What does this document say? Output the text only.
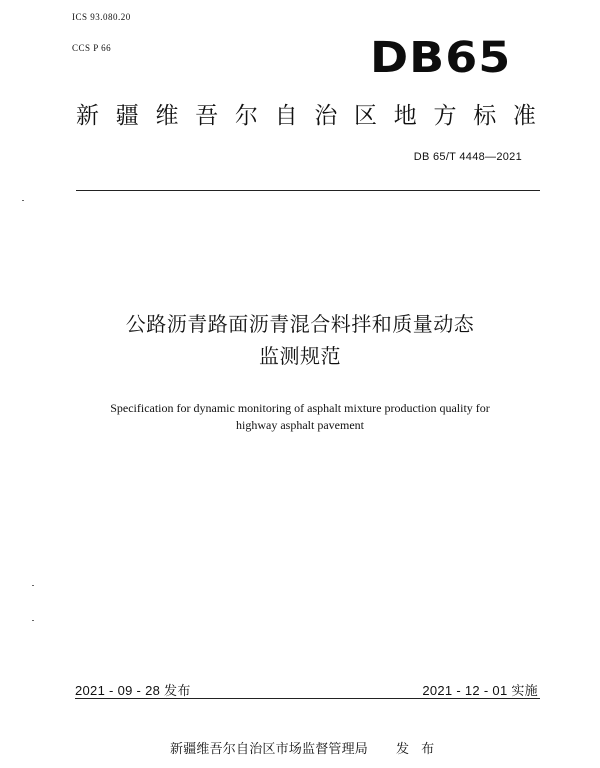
ICS 93.080.20
CCS P 66	DB65
新 疆 维 吾 尔 自 治 区 地 方 标 准
DB 65/T 4448—2021
公路沥青路面沥青混合料拌和质量动态
监测规范
Specification for dynamic monitoring of asphalt mixture production quality for
highway asphalt pavement
2021 - 09 - 28 发布	2021 - 12 - 01 实施
新疆维吾尔自治区市场监督管理局 发 布
